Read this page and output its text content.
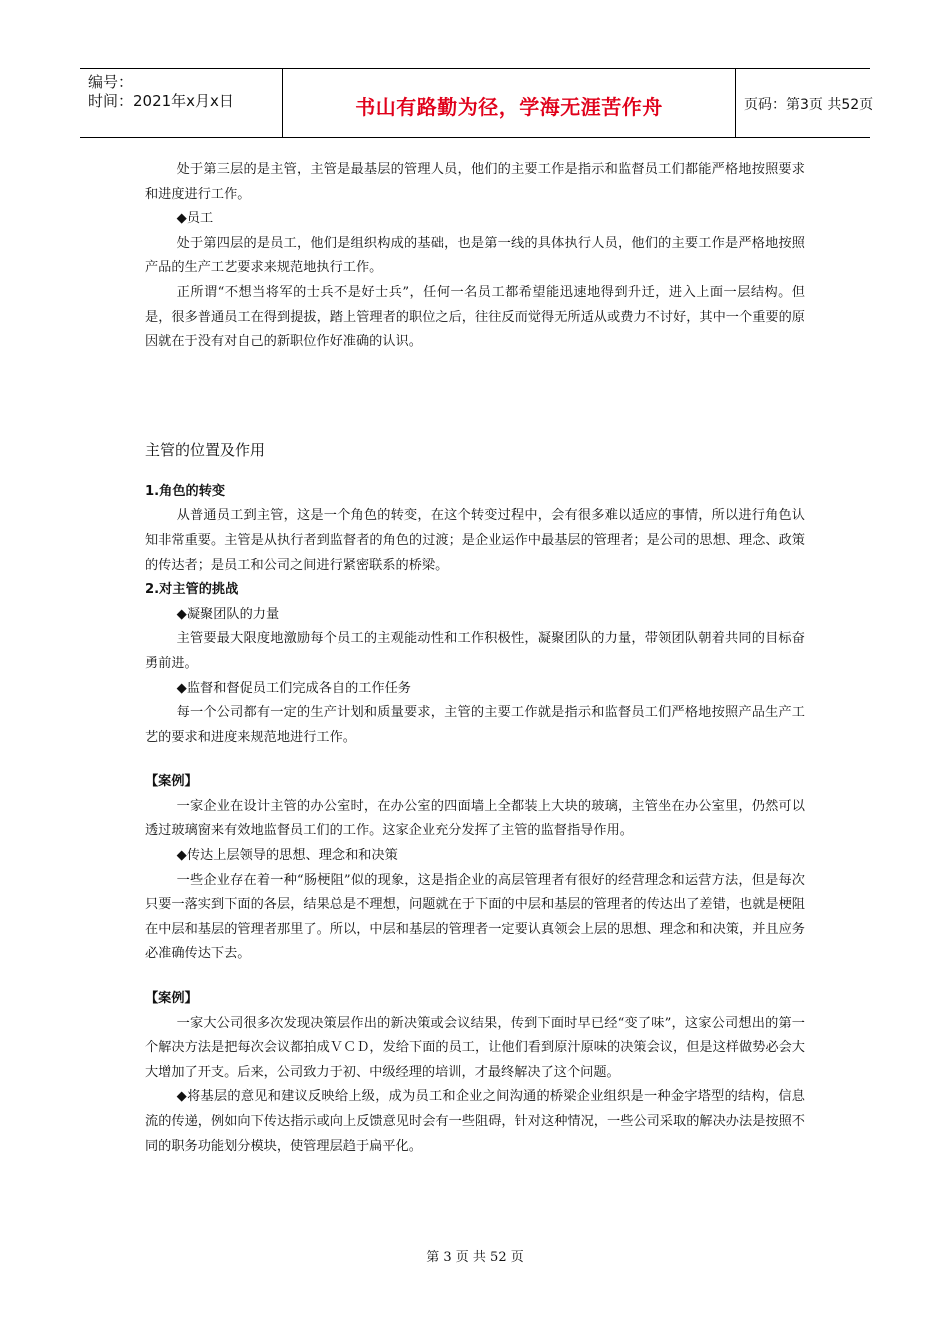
编号：
时间：2021年x月x日	书山有路勤为径，学海无涯苦作舟	页码：第3页 共52页

处于第三层的是主管，主管是最基层的管理人员，他们的主要工作是指示和监督员工们都能严格地按照要求和进度进行工作。

◆员工

处于第四层的是员工，他们是组织构成的基础，也是第一线的具体执行人员，他们的主要工作是严格地按照产品的生产工艺要求来规范地执行工作。

正所谓“不想当将军的士兵不是好士兵”，任何一名员工都希望能迅速地得到升迁，进入上面一层结构。但是，很多普通员工在得到提拔，踏上管理者的职位之后，往往反而觉得无所适从或费力不讨好，其中一个重要的原因就在于没有对自己的新职位作好准确的认识。

主管的位置及作用

1.角色的转变

从普通员工到主管，这是一个角色的转变，在这个转变过程中，会有很多难以适应的事情，所以进行角色认知非常重要。主管是从执行者到监督者的角色的过渡；是企业运作中最基层的管理者；是公司的思想、理念、政策的传达者；是员工和公司之间进行紧密联系的桥梁。

2.对主管的挑战

◆凝聚团队的力量

主管要最大限度地激励每个员工的主观能动性和工作积极性，凝聚团队的力量，带领团队朝着共同的目标奋勇前进。

◆监督和督促员工们完成各自的工作任务

每一个公司都有一定的生产计划和质量要求，主管的主要工作就是指示和监督员工们严格地按照产品生产工艺的要求和进度来规范地进行工作。

【案例】

一家企业在设计主管的办公室时，在办公室的四面墙上全都装上大块的玻璃，主管坐在办公室里，仍然可以透过玻璃窗来有效地监督员工们的工作。这家企业充分发挥了主管的监督指导作用。

◆传达上层领导的思想、理念和和决策

一些企业存在着一种“肠梗阻”似的现象，这是指企业的高层管理者有很好的经营理念和运营方法，但是每次只要一落实到下面的各层，结果总是不理想，问题就在于下面的中层和基层的管理者的传达出了差错，也就是梗阻在中层和基层的管理者那里了。所以，中层和基层的管理者一定要认真领会上层的思想、理念和和决策，并且应务必准确传达下去。

【案例】

一家大公司很多次发现决策层作出的新决策或会议结果，传到下面时早已经“变了味”，这家公司想出的第一个解决方法是把每次会议都拍成ＶＣＤ，发给下面的员工，让他们看到原汁原味的决策会议，但是这样做势必会大大增加了开支。后来，公司致力于初、中级经理的培训，才最终解决了这个问题。

◆将基层的意见和建议反映给上级，成为员工和企业之间沟通的桥梁企业组织是一种金字塔型的结构，信息流的传递，例如向下传达指示或向上反馈意见时会有一些阻碍，针对这种情况，一些公司采取的解决办法是按照不同的职务功能划分模块，使管理层趋于扁平化。

第 3 页 共 52 页
